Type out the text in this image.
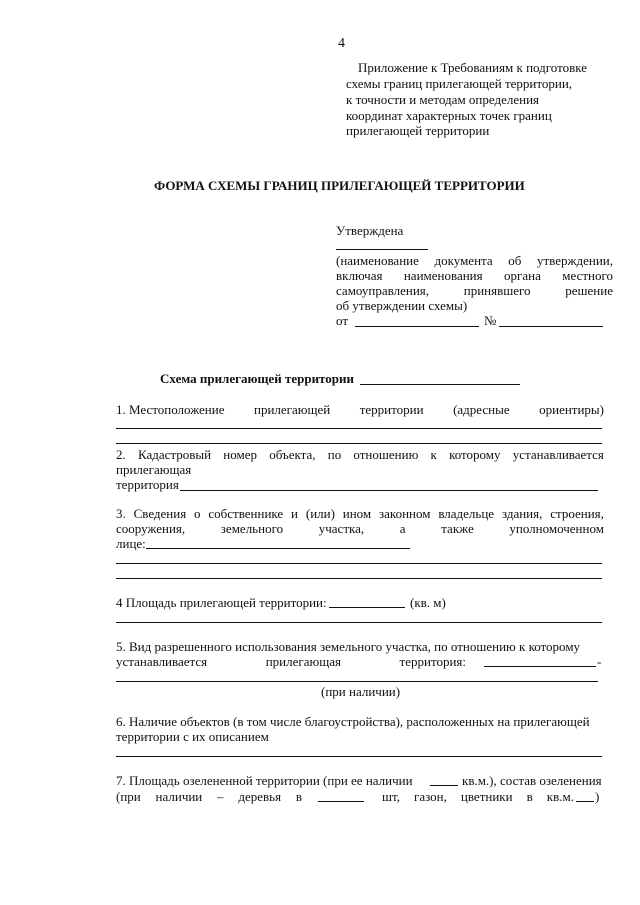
4
Приложение к Требованиям к подготовке
схемы границ прилегающей территории,
к точности и методам определения
координат характерных точек границ
прилегающей территории
ФОРМА СХЕМЫ ГРАНИЦ ПРИЛЕГАЮЩЕЙ ТЕРРИТОРИИ
Утверждена
(наименование документа об утверждении,
включая наименования органа местного
самоуправления,	принявшего	решение
об утверждении схемы)
от	№
Схема прилегающей территории
1. Местоположение прилегающей территории (адресные ориентиры)
2. Кадастровый номер объекта, по отношению к которому устанавливается
прилегающая
территория
3. Сведения о собственнике и (или) ином законном владельце здания, строения,
сооружения,	земельного	участка,	а	также	уполномоченном
лице:
4 Площадь прилегающей территории:	(кв. м)
5. Вид разрешенного использования земельного участка, по отношению к которому
устанавливается	прилегающая	территория:	-
(при наличии)
6. Наличие объектов (в том числе благоустройства), расположенных на прилегающей
территории с их описанием
7. Площадь озелененной территории (при ее наличии	кв.м.), состав озеленения
(при наличии – деревья в	шт, газон, цветники в кв.м. )
